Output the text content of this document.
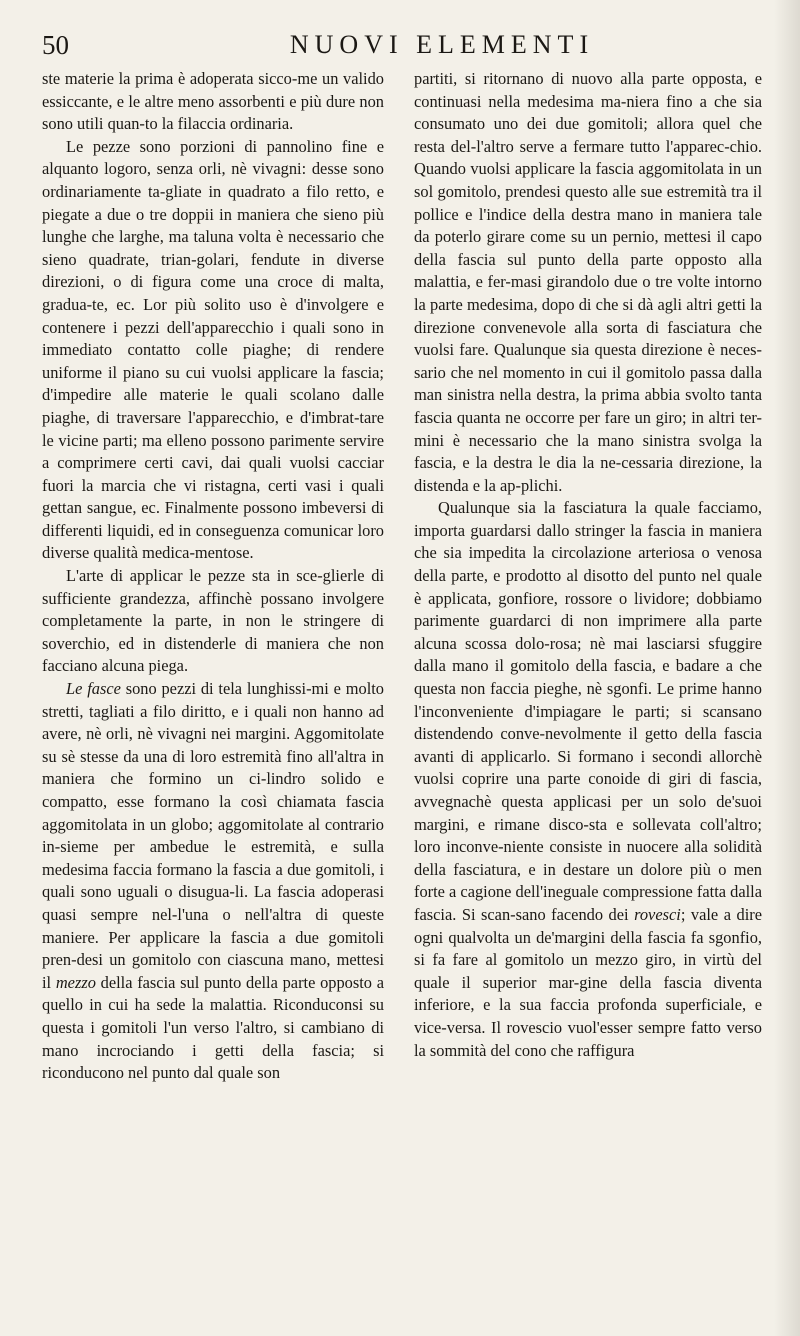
50	NUOVI ELEMENTI

ste materie la prima è adoperata sicco-me un valido essiccante, e le altre meno assorbenti e più dure non sono utili quan-to la filaccia ordinaria.

Le pezze sono porzioni di pannolino fine e alquanto logoro, senza orli, nè vivagni: desse sono ordinariamente ta-gliate in quadrato a filo retto, e piegate a due o tre doppii in maniera che sieno più lunghe che larghe, ma taluna volta è necessario che sieno quadrate, trian-golari, fendute in diverse direzioni, o di figura come una croce di malta, gradua-te, ec. Lor più solito uso è d'involgere e contenere i pezzi dell'apparecchio i quali sono in immediato contatto colle piaghe; di rendere uniforme il piano su cui vuolsi applicare la fascia; d'impedire alle materie le quali scolano dalle piaghe, di traversare l'apparecchio, e d'imbrat-tare le vicine parti; ma elleno possono parimente servire a comprimere certi cavi, dai quali vuolsi cacciar fuori la marcia che vi ristagna, certi vasi i quali gettan sangue, ec. Finalmente possono imbeversi di differenti liquidi, ed in conseguenza comunicar loro diverse qualità medica-mentose.

L'arte di applicar le pezze sta in sce-glierle di sufficiente grandezza, affinchè possano involgere completamente la parte, in non le stringere di soverchio, ed in distenderle di maniera che non facciano alcuna piega.

Le fasce sono pezzi di tela lunghissi-mi e molto stretti, tagliati a filo diritto, e i quali non hanno ad avere, nè orli, nè vivagni nei margini. Aggomitolate su sè stesse da una di loro estremità fino all'altra in maniera che formino un ci-lindro solido e compatto, esse formano la così chiamata fascia aggomitolata in un globo; aggomitolate al contrario in-sieme per ambedue le estremità, e sulla medesima faccia formano la fascia a due gomitoli, i quali sono uguali o disugua-li. La fascia adoperasi quasi sempre nel-l'una o nell'altra di queste maniere. Per applicare la fascia a due gomitoli pren-desi un gomitolo con ciascuna mano, mettesi il mezzo della fascia sul punto della parte opposto a quello in cui ha sede la malattia. Riconduconsi su questa i gomitoli l'un verso l'altro, si cambiano di mano incrociando i getti della fascia; si riconducono nel punto dal quale son

partiti, si ritornano di nuovo alla parte opposta, e continuasi nella medesima ma-niera fino a che sia consumato uno dei due gomitoli; allora quel che resta del-l'altro serve a fermare tutto l'apparec-chio. Quando vuolsi applicare la fascia aggomitolata in un sol gomitolo, prendesi questo alle sue estremità tra il pollice e l'indice della destra mano in maniera tale da poterlo girare come su un pernio, mettesi il capo della fascia sul punto della parte opposto alla malattia, e fer-masi girandolo due o tre volte intorno la parte medesima, dopo di che si dà agli altri getti la direzione convenevole alla sorta di fasciatura che vuolsi fare. Qualunque sia questa direzione è neces-sario che nel momento in cui il gomitolo passa dalla man sinistra nella destra, la prima abbia svolto tanta fascia quanta ne occorre per fare un giro; in altri ter-mini è necessario che la mano sinistra svolga la fascia, e la destra le dia la ne-cessaria direzione, la distenda e la ap-plichi.

Qualunque sia la fasciatura la quale facciamo, importa guardarsi dallo stringer la fascia in maniera che sia impedita la circolazione arteriosa o venosa della parte, e prodotto al disotto del punto nel quale è applicata, gonfiore, rossore o lividore; dobbiamo parimente guardarci di non imprimere alla parte alcuna scossa dolo-rosa; nè mai lasciarsi sfuggire dalla mano il gomitolo della fascia, e badare a che questa non faccia pieghe, nè sgonfi. Le prime hanno l'inconveniente d'impiagare le parti; si scansano distendendo conve-nevolmente il getto della fascia avanti di applicarlo. Si formano i secondi allorchè vuolsi coprire una parte conoide di giri di fascia, avvegnachè questa applicasi per un solo de'suoi margini, e rimane disco-sta e sollevata coll'altro; loro inconve-niente consiste in nuocere alla solidità della fasciatura, e in destare un dolore più o men forte a cagione dell'ineguale compressione fatta dalla fascia. Si scan-sano facendo dei rovesci; vale a dire ogni qualvolta un de'margini della fascia fa sgonfio, si fa fare al gomitolo un mezzo giro, in virtù del quale il superior mar-gine della fascia diventa inferiore, e la sua faccia profonda superficiale, e vice-versa. Il rovescio vuol'esser sempre fatto verso la sommità del cono che raffigura
